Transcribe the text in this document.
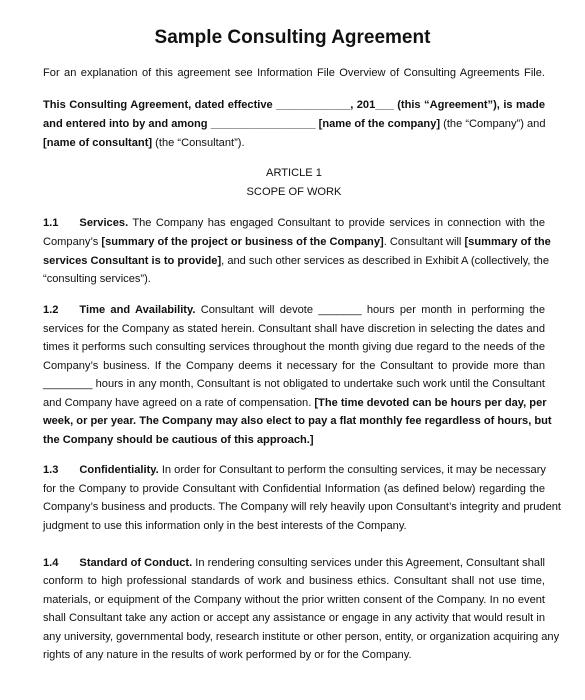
Sample Consulting Agreement

For an explanation of this agreement see Information File Overview of Consulting Agreements File.

This Consulting Agreement, dated effective ____________, 201___ (this “Agreement”), is made

and entered into by and among _________________ [name of the company] (the “Company”) and

[name of consultant] (the “Consultant”).

ARTICLE 1

SCOPE OF WORK

1.1 Services. The Company has engaged Consultant to provide services in connection with the

Company’s [summary of the project or business of the Company]. Consultant will [summary of the

services Consultant is to provide], and such other services as described in Exhibit A (collectively, the

“consulting services”).

1.2 Time and Availability. Consultant will devote _______ hours per month in performing the

services for the Company as stated herein. Consultant shall have discretion in selecting the dates and

times it performs such consulting services throughout the month giving due regard to the needs of the

Company’s business. If the Company deems it necessary for the Consultant to provide more than

________ hours in any month, Consultant is not obligated to undertake such work until the Consultant

and Company have agreed on a rate of compensation. [The time devoted can be hours per day, per

week, or per year. The Company may also elect to pay a flat monthly fee regardless of hours, but

the Company should be cautious of this approach.]

1.3 Confidentiality. In order for Consultant to perform the consulting services, it may be necessary

for the Company to provide Consultant with Confidential Information (as defined below) regarding the

Company’s business and products. The Company will rely heavily upon Consultant’s integrity and prudent

judgment to use this information only in the best interests of the Company.

1.4 Standard of Conduct. In rendering consulting services under this Agreement, Consultant shall

conform to high professional standards of work and business ethics. Consultant shall not use time,

materials, or equipment of the Company without the prior written consent of the Company. In no event

shall Consultant take any action or accept any assistance or engage in any activity that would result in

any university, governmental body, research institute or other person, entity, or organization acquiring any

rights of any nature in the results of work performed by or for the Company.
